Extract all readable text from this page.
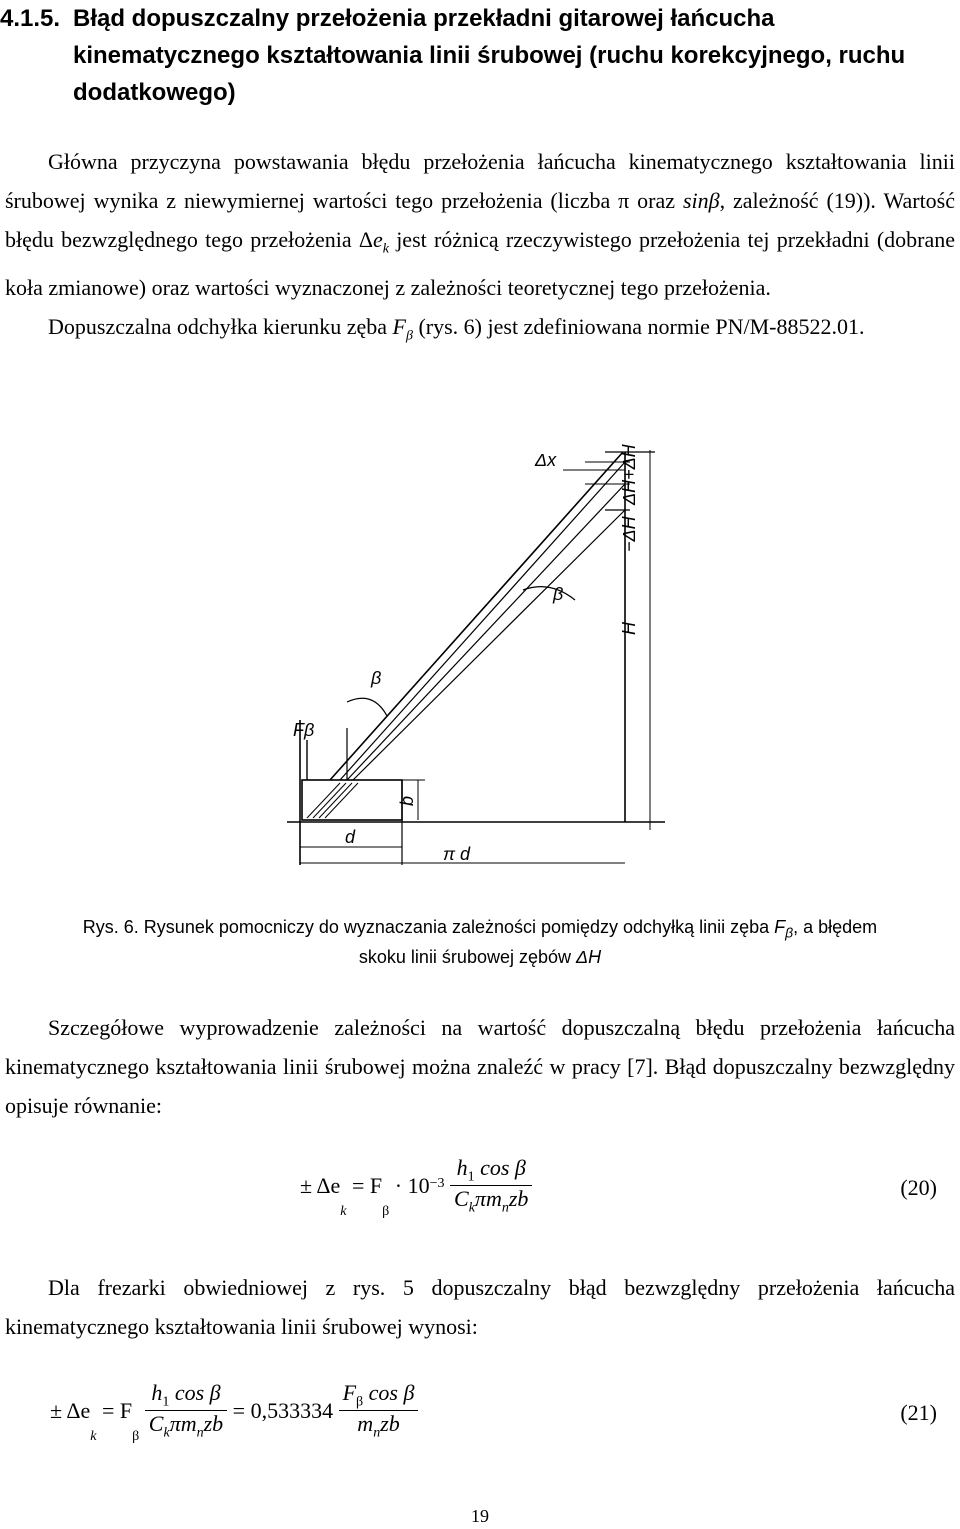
4.1.5. Błąd dopuszczalny przełożenia przekładni gitarowej łańcucha
kinematycznego kształtowania linii śrubowej (ruchu korekcyjnego, ruchu
dodatkowego)

Główna przyczyna powstawania błędu przełożenia łańcucha kinematycznego kształtowania linii śrubowej wynika z niewymiernej wartości tego przełożenia (liczba π oraz sinβ, zależność (19)). Wartość błędu bezwzględnego tego przełożenia $\Delta e_k$ jest różnicą rzeczywistego przełożenia tej przekładni (dobrane koła zmianowe) oraz wartości wyznaczonej z zależności teoretycznej tego przełożenia.

Dopuszczalna odchyłka kierunku zęba $F_\beta$ (rys. 6) jest zdefiniowana normie PN/M-88522.01.

Δx	ΔH+ΔH
−ΔH
β
H
β
Fβ
b
d
π d
Rys. 6. Rysunek pomocniczy do wyznaczania zależności pomiędzy odchyłką linii zęba $F_\beta$, a błędem skoku linii śrubowej zębów ΔH

Szczegółowe wyprowadzenie zależności na wartość dopuszczalną błędu przełożenia łańcucha kinematycznego kształtowania linii śrubowej można znaleźć w pracy [7]. Błąd dopuszczalny bezwzględny opisuje równanie:

± $\Delta e_k = F_\beta \cdot 10^{-3} \frac{h_1 \cos \beta}{C_k\pi m_nzb}$	(20)

Dla frezarki obwiedniowej z rys. 5 dopuszczalny błąd bezwzględny przełożenia łańcucha kinematycznego kształtowania linii śrubowej wynosi:

± $\Delta e_k = F_\beta \frac{h_1 \cos \beta}{C_k\pi m_nzb} = 0,533334 \frac{F_\beta \cos \beta}{m_nzb}$	(21)
19
